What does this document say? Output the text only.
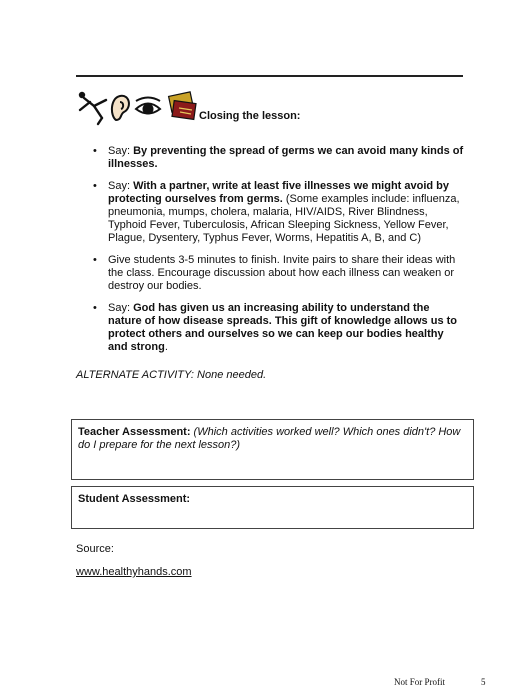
Closing the lesson:
• Say: By preventing the spread of germs we can avoid many kinds of illnesses.
• Say: With a partner, write at least five illnesses we might avoid by protecting ourselves from germs. (Some examples include: influenza, pneumonia, mumps, cholera, malaria, HIV/AIDS, River Blindness, Typhoid Fever, Tuberculosis, African Sleeping Sickness, Yellow Fever, Plague, Dysentery, Typhus Fever, Worms, Hepatitis A, B, and C)
• Give students 3-5 minutes to finish. Invite pairs to share their ideas with the class. Encourage discussion about how each illness can weaken or destroy our bodies.
• Say: God has given us an increasing ability to understand the nature of how disease spreads. This gift of knowledge allows us to protect others and ourselves so we can keep our bodies healthy and strong.
ALTERNATE ACTIVITY: None needed.
Teacher Assessment: (Which activities worked well? Which ones didn't? How do I prepare for the next lesson?)
Student Assessment:
Source:
www.healthyhands.com
Not For Profit	5
